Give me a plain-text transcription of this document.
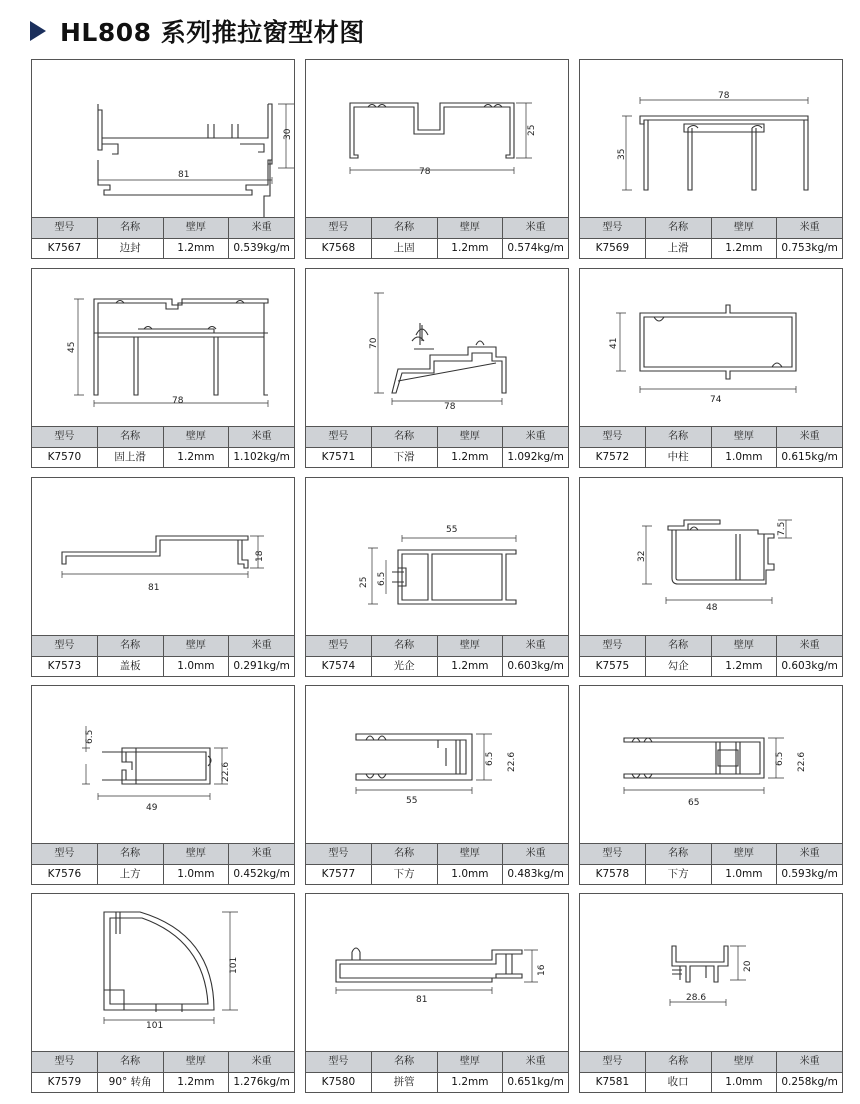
HL808 系列推拉窗型材图
81
30
型号	名称	壁厚	米重
K7567	边封	1.2mm	0.539kg/m
78
25
型号	名称	壁厚	米重
K7568	上固	1.2mm	0.574kg/m
78
35
型号	名称	壁厚	米重
K7569	上滑	1.2mm	0.753kg/m
78
45
型号	名称	壁厚	米重
K7570	固上滑	1.2mm	1.102kg/m
78
70
型号	名称	壁厚	米重
K7571	下滑	1.2mm	1.092kg/m
74
41
型号	名称	壁厚	米重
K7572	中柱	1.0mm	0.615kg/m
81
18
型号	名称	壁厚	米重
K7573	盖板	1.0mm	0.291kg/m
55
25 6.5
型号	名称	壁厚	米重
K7574	光企	1.2mm	0.603kg/m
48
32
7.5
型号	名称	壁厚	米重
K7575	勾企	1.2mm	0.603kg/m
49
22.6
6.5
型号	名称	壁厚	米重
K7576	上方	1.0mm	0.452kg/m
55
22.6
6.5
型号	名称	壁厚	米重
K7577	下方	1.0mm	0.483kg/m
65
22.6
6.5
型号	名称	壁厚	米重
K7578	下方	1.0mm	0.593kg/m
101
101
型号	名称	壁厚	米重
K7579	90° 转角	1.2mm	1.276kg/m
81
16
型号	名称	壁厚	米重
K7580	拼管	1.2mm	0.651kg/m
28.6
20
型号	名称	壁厚	米重
K7581	收口	1.0mm	0.258kg/m
